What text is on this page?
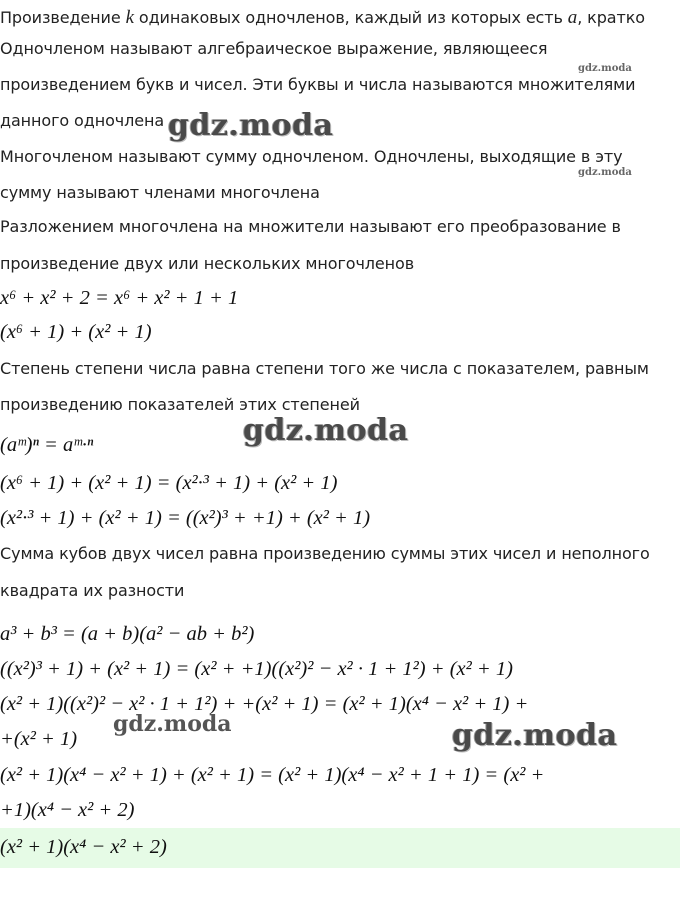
Произведение k одинаковых одночленов, каждый из которых есть a, кратко
Одночленом называют алгебраическое выражение, являющееся
произведением букв и чисел. Эти буквы и числа называются множителями
данного одночлена
Многочленом называют сумму одночленом. Одночлены, выходящие в эту
сумму называют членами многочлена
Разложением многочлена на множители называют его преобразование в
произведение двух или нескольких многочленов
x⁶ + x² + 2 = x⁶ + x² + 1 + 1
(x⁶ + 1) + (x² + 1)
Степень степени числа равна степени того же числа с показателем, равным
произведению показателей этих степеней
(aᵐ)ⁿ = aᵐ·ⁿ
(x⁶ + 1) + (x² + 1) = (x²·³ + 1) + (x² + 1)
(x²·³ + 1) + (x² + 1) = ((x²)³ + +1) + (x² + 1)
Сумма кубов двух чисел равна произведению суммы этих чисел и неполного
квадрата их разности
a³ + b³ = (a + b)(a² − ab + b²)
((x²)³ + 1) + (x² + 1) = (x² + +1)((x²)² − x² · 1 + 1²) + (x² + 1)
(x² + 1)((x²)² − x² · 1 + 1²) + +(x² + 1) = (x² + 1)(x⁴ − x² + 1) +
+(x² + 1)
(x² + 1)(x⁴ − x² + 1) + (x² + 1) = (x² + 1)(x⁴ − x² + 1 + 1) = (x² +
+1)(x⁴ − x² + 2)
(x² + 1)(x⁴ − x² + 2)
gdz.moda
gdz.moda
gdz.moda
gdz.moda
gdz.moda	gdz.moda
